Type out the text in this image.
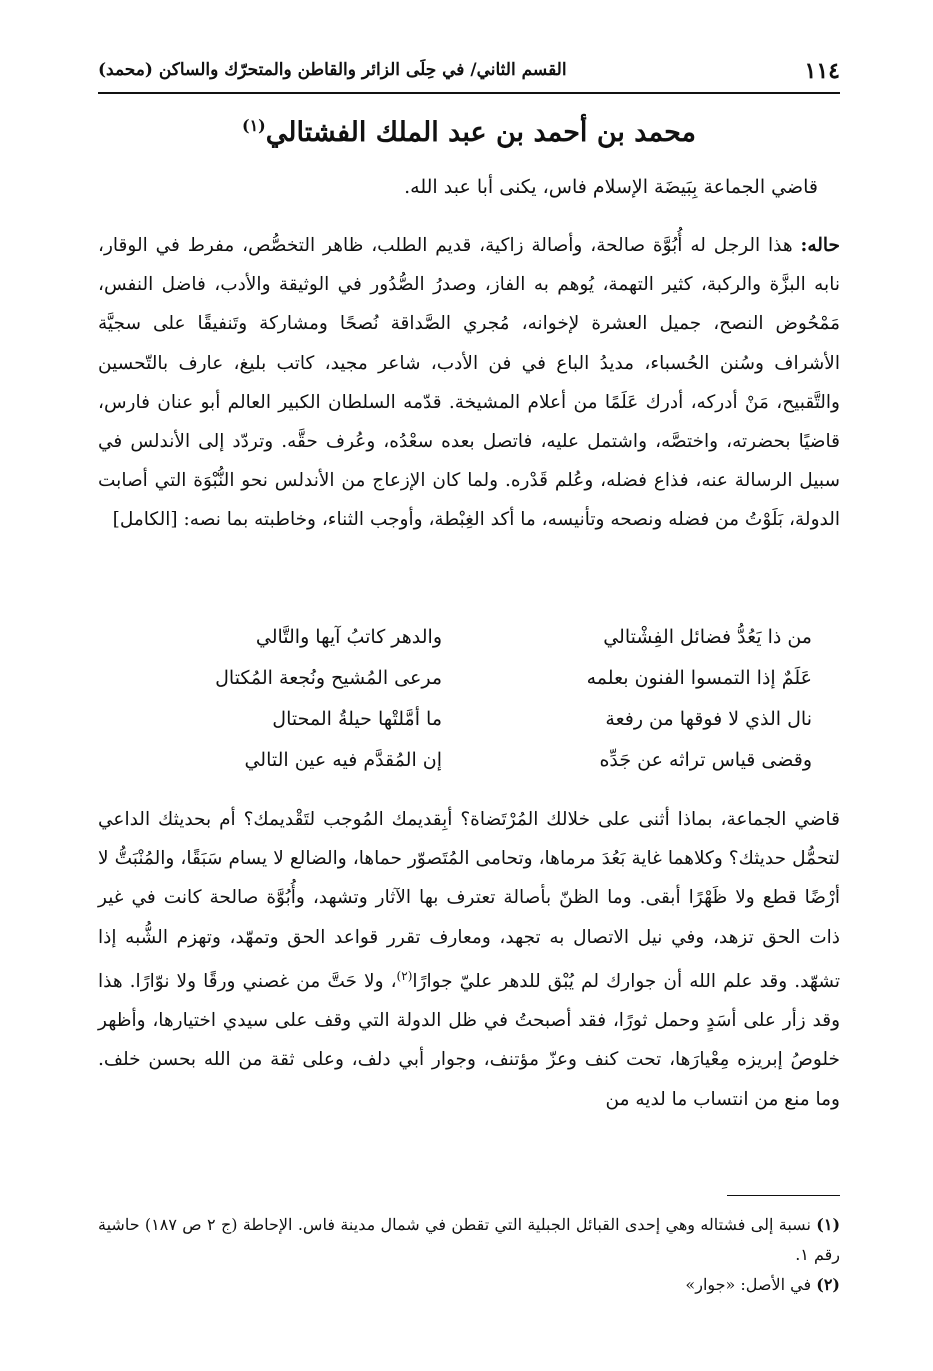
١١٤
القسم الثاني/ في حِلَى الزائر والقاطن والمتحرّك والساكن (محمد)
محمد بن أحمد بن عبد الملك الفشتالي$^{(١)}$
قاضي الجماعة بِبَيضَة الإسلام فاس، يكنى أبا عبد الله.
حاله: هذا الرجل له أُبُوَّة صالحة، وأصالة زاكية، قديم الطلب، ظاهر التخصُّص، مفرط في الوقار، نابه البزَّة والركبة، كثير التهمة، يُوهم به الفاز، وصدرُ الصُّدُور في الوثيقة والأدب، فاضل النفس، مَمْحُوض النصح، جميل العشرة لإخوانه، مُجري الصَّداقة نُصحًا ومشاركة وتَنفيقًا على سجيَّة الأشراف وسُنن الحُسباء، مديدُ الباع في فن الأدب، شاعر مجيد، كاتب بليغ، عارف بالتّحسين والتَّقبيح، مَنْ أدركه، أدرك عَلَمًا من أعلام المشيخة. قدّمه السلطان الكبير العالم أبو عنان فارس، قاضيًا بحضرته، واختصَّه، واشتمل عليه، فاتصل بعده سعْدُه، وعُرف حقَّه. وتردّد إلى الأندلس في سبيل الرسالة عنه، فذاع فضله، وعُلم قَدْره. ولما كان الإزعاج من الأندلس نحو النُّبْوَة التي أصابت الدولة، بَلَوْتُ من فضله ونصحه وتأنيسه، ما أكد الغِبْطة، وأوجب الثناء، وخاطبته بما نصه: [الكامل]
من ذا يَعُدُّ فضائل الفِشْتالي
والدهر كاتبُ آيها والتَّالي
عَلَمٌ إذا التمسوا الفنون بعلمه
مرعى المُشيح ونُجعة المُكتال
نال الذي لا فوقها من رفعة
ما أمَّلتْها حيلةُ المحتال
وقضى قياس تراثه عن جَدِّه
إن المُقدَّم فيه عين التالي
قاضي الجماعة، بماذا أثنى على خلالك المُرْتَضاة؟ أبِقديمك المُوجب لتَقْديمك؟ أم بحديثك الداعي لتحمُّل حديثك؟ وكلاهما غاية بَعُدَ مرماها، وتحامى المُتَصوّر حماها، والضالع لا يسام سَبَقًا، والمُنْبَتُّ لا أرْضًا قطع ولا ظَهْرًا أبقى. وما الظنّ بأصالة تعترف بها الآثار وتشهد، وأُبُوَّة صالحة كانت في غير ذات الحق تزهد، وفي نيل الاتصال به تجهد، ومعارف تقرر قواعد الحق وتمهّد، وتهزم الشُّبه إذا تشهّد. وقد علم الله أن جوارك لم يُبْق للدهر عليّ جوارًا$^{(٢)}$، ولا حَتَّ من غصني ورقًا ولا نوّارًا. هذا وقد زأر على أسَدٍ وحمل ثورًا، فقد أصبحتُ في ظل الدولة التي وقف على سيدي اختيارها، وأظهر خلوصُ إبريزه مِعْيارَها، تحت كنف وعزّ مؤتنف، وجوار أبي دلف، وعلى ثقة من الله بحسن خلف. وما منع من انتساب ما لديه من

(١) نسبة إلى فشتاله وهي إحدى القبائل الجبلية التي تقطن في شمال مدينة فاس. الإحاطة (ج ٢ ص ١٨٧) حاشية رقم ١.

(٢) في الأصل: «جوار»
